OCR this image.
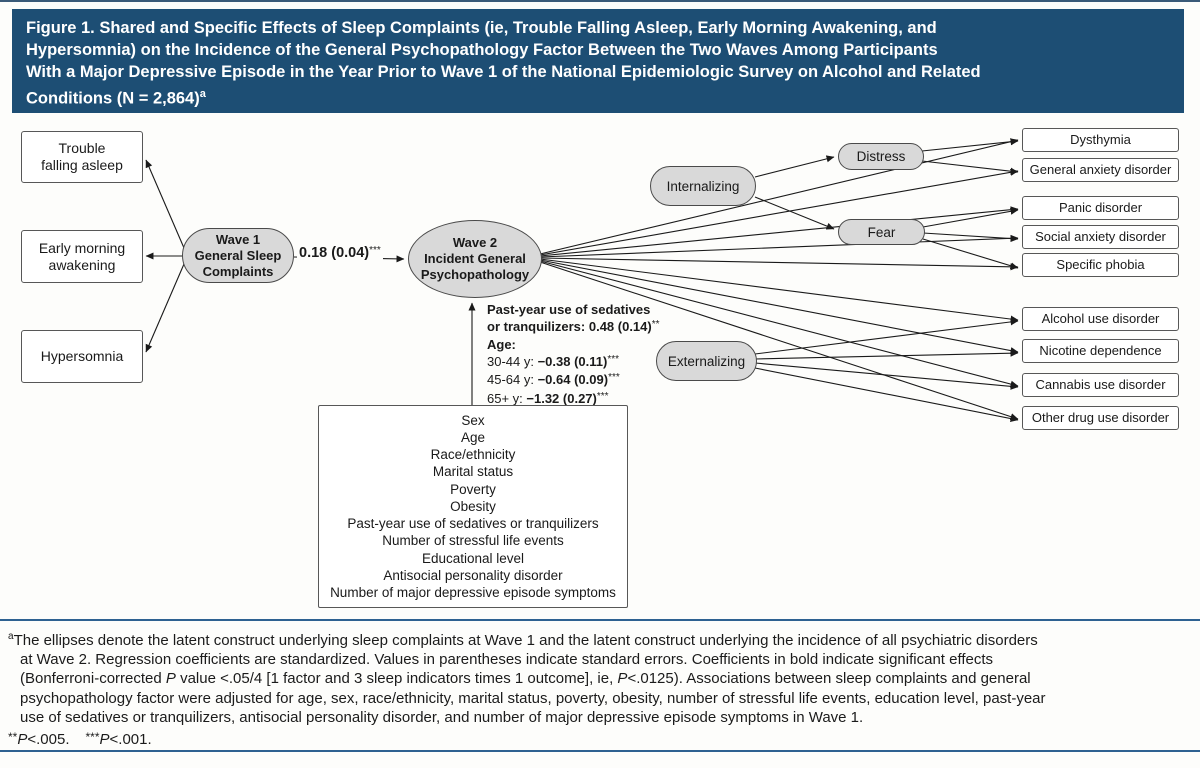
Figure 1. Shared and Specific Effects of Sleep Complaints (ie, Trouble Falling Asleep, Early Morning Awakening, and
Hypersomnia) on the Incidence of the General Psychopathology Factor Between the Two Waves Among Participants
With a Major Depressive Episode in the Year Prior to Wave 1 of the National Epidemiologic Survey on Alcohol and Related
Conditions (N = 2,864)$^a$
Trouble
falling asleep
Early morning
awakening
Hypersomnia
Wave 1
General Sleep
Complaints
0.18 (0.04)***
Wave 2
Incident General
Psychopathology
Internalizing
Externalizing
Distress
Fear
Dysthymia
General anxiety disorder
Panic disorder
Social anxiety disorder
Specific phobia
Alcohol use disorder
Nicotine dependence
Cannabis use disorder
Other drug use disorder
Past-year use of sedatives
or tranquilizers: 0.48 (0.14)**
Age:
30-44 y: −0.38 (0.11)***
45-64 y: −0.64 (0.09)***
65+ y: −1.32 (0.27)***
Sex
Age
Race/ethnicity
Marital status
Poverty
Obesity
Past-year use of sedatives or tranquilizers
Number of stressful life events
Educational level
Antisocial personality disorder
Number of major depressive episode symptoms
$^a$The ellipses denote the latent construct underlying sleep complaints at Wave 1 and the latent construct underlying the incidence of all psychiatric disorders
at Wave 2. Regression coefficients are standardized. Values in parentheses indicate standard errors. Coefficients in bold indicate significant effects
(Bonferroni-corrected P value <.05/4 [1 factor and 3 sleep indicators times 1 outcome], ie, P<.0125). Associations between sleep complaints and general
psychopathology factor were adjusted for age, sex, race/ethnicity, marital status, poverty, obesity, number of stressful life events, education level, past-year
use of sedatives or tranquilizers, antisocial personality disorder, and number of major depressive episode symptoms in Wave 1.
**P<.005. ***P<.001.
